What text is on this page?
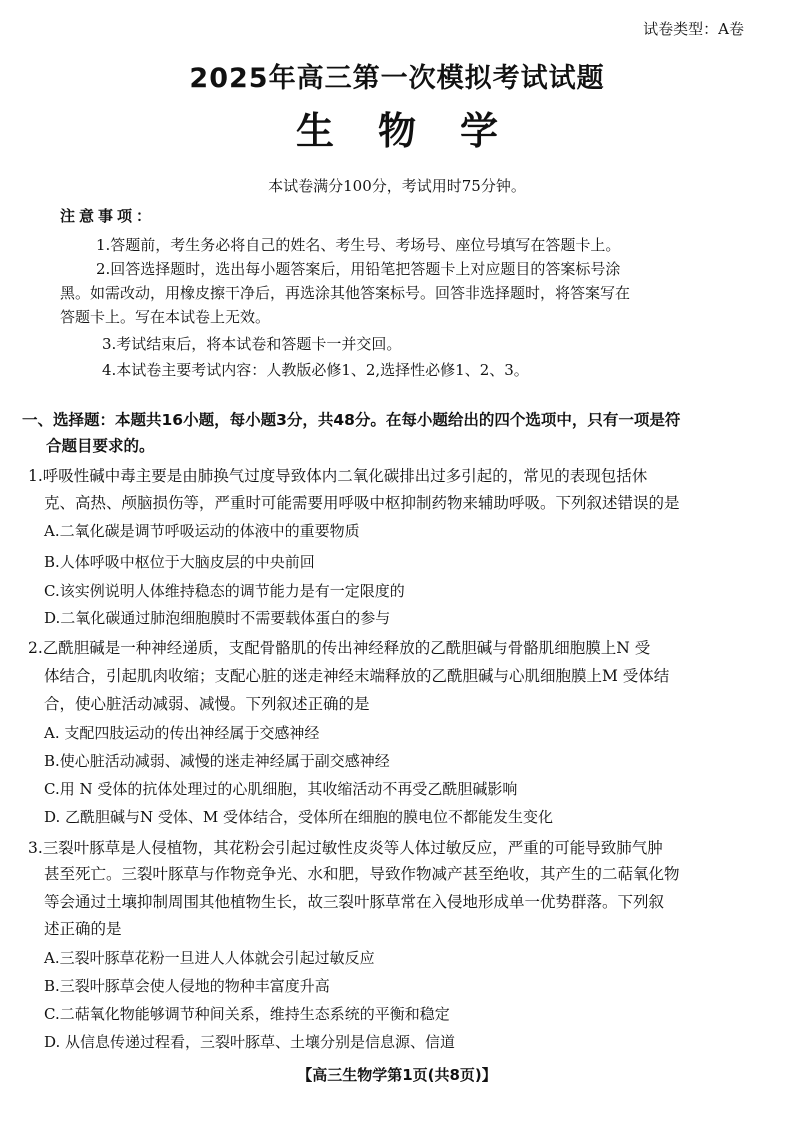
试卷类型：A卷
2025年高三第一次模拟考试试题
生物学
本试卷满分100分，考试用时75分钟。
注意事项：
1.答题前，考生务必将自己的姓名、考生号、考场号、座位号填写在答题卡上。
2.回答选择题时，选出每小题答案后，用铅笔把答题卡上对应题目的答案标号涂
黑。如需改动，用橡皮擦干净后，再选涂其他答案标号。回答非选择题时，将答案写在
答题卡上。写在本试卷上无效。
3.考试结束后，将本试卷和答题卡一并交回。
4.本试卷主要考试内容：人教版必修1、2,选择性必修1、2、3。
一、选择题：本题共16小题，每小题3分，共48分。在每小题给出的四个选项中，只有一项是符
合题目要求的。
1.呼吸性碱中毒主要是由肺换气过度导致体内二氧化碳排出过多引起的，常见的表现包括休
克、高热、颅脑损伤等，严重时可能需要用呼吸中枢抑制药物来辅助呼吸。下列叙述错误的是
A.二氧化碳是调节呼吸运动的体液中的重要物质
B.人体呼吸中枢位于大脑皮层的中央前回
C.该实例说明人体维持稳态的调节能力是有一定限度的
D.二氧化碳通过肺泡细胞膜时不需要载体蛋白的参与
2.乙酰胆碱是一种神经递质，支配骨骼肌的传出神经释放的乙酰胆碱与骨骼肌细胞膜上N 受
体结合，引起肌肉收缩；支配心脏的迷走神经末端释放的乙酰胆碱与心肌细胞膜上M 受体结
合，使心脏活动减弱、减慢。下列叙述正确的是
A. 支配四肢运动的传出神经属于交感神经
B.使心脏活动减弱、减慢的迷走神经属于副交感神经
C.用 N 受体的抗体处理过的心肌细胞，其收缩活动不再受乙酰胆碱影响
D. 乙酰胆碱与N 受体、M 受体结合，受体所在细胞的膜电位不都能发生变化
3.三裂叶豚草是人侵植物，其花粉会引起过敏性皮炎等人体过敏反应，严重的可能导致肺气肿
甚至死亡。三裂叶豚草与作物竞争光、水和肥，导致作物减产甚至绝收，其产生的二萜氧化物
等会通过土壤抑制周围其他植物生长，故三裂叶豚草常在入侵地形成单一优势群落。下列叙
述正确的是
A.三裂叶豚草花粉一旦进人人体就会引起过敏反应
B.三裂叶豚草会使人侵地的物种丰富度升高
C.二萜氧化物能够调节种间关系，维持生态系统的平衡和稳定
D. 从信息传递过程看，三裂叶豚草、土壤分别是信息源、信道
【高三生物学第1页(共8页)】
